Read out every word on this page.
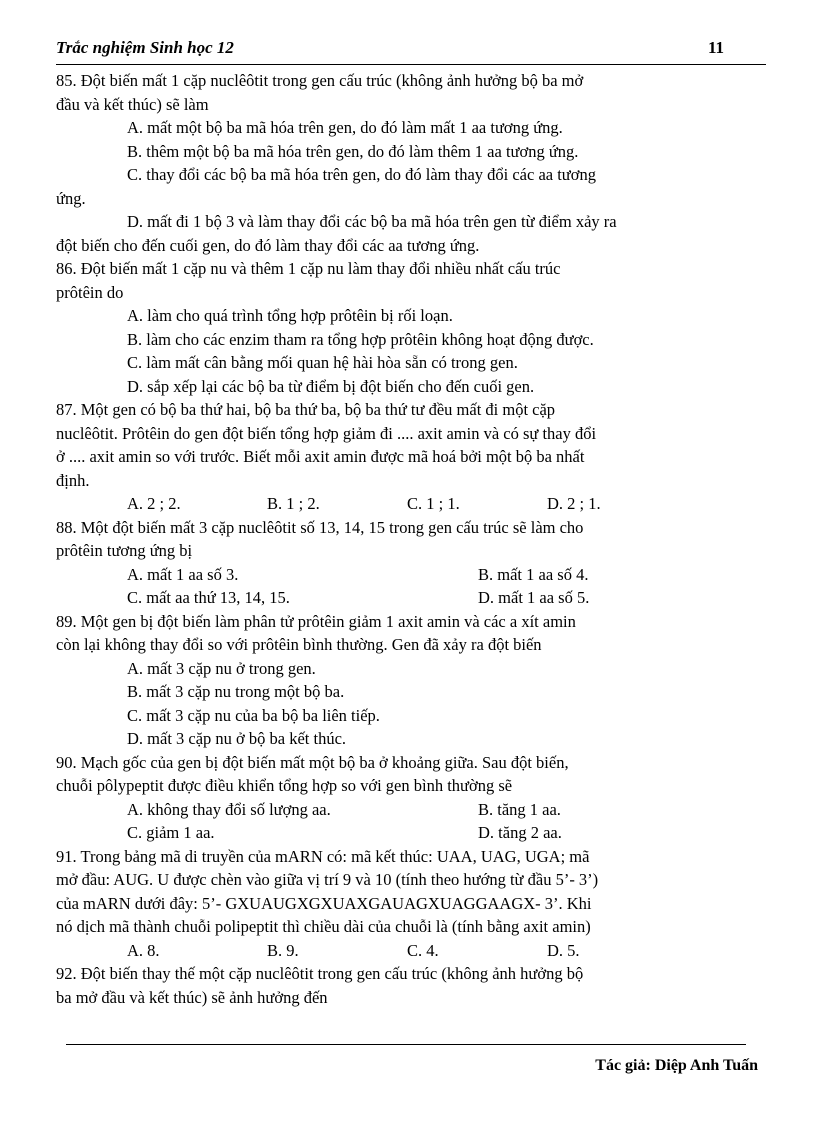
Trắc nghiệm Sinh học 12	11
85. Đột biến mất 1 cặp nuclêôtit trong gen cấu trúc (không ảnh hưởng bộ ba mở
đầu và kết thúc) sẽ làm
A. mất một bộ ba mã hóa trên gen, do đó làm mất 1 aa tương ứng.
B. thêm một bộ ba mã hóa trên gen, do đó làm thêm 1 aa tương ứng.
C. thay đổi các bộ ba mã hóa trên gen, do đó làm thay đổi các aa tương
ứng.
D. mất đi 1 bộ 3 và làm thay đổi các bộ ba mã hóa trên gen từ điểm xảy ra
đột biến cho đến cuối gen, do đó làm thay đổi các aa tương ứng.
86. Đột biến mất 1 cặp nu và thêm 1 cặp nu làm thay đổi nhiều nhất cấu trúc
prôtêin do
A. làm cho quá trình tổng hợp prôtêin bị rối loạn.
B. làm cho các enzim tham ra tổng hợp prôtêin không hoạt động được.
C. làm mất cân bằng mối quan hệ hài hòa sẵn có trong gen.
D. sắp xếp lại các bộ ba từ điểm bị đột biến cho đến cuối gen.
87. Một gen có bộ ba thứ hai, bộ ba thứ ba, bộ ba thứ tư đều mất đi một cặp
nuclêôtit. Prôtêin do gen đột biến tổng hợp giảm đi .... axit amin và có sự thay đổi
ở .... axit amin so với trước. Biết mỗi axit amin được mã hoá bởi một bộ ba nhất
định.
A. 2 ; 2.	B. 1 ; 2.	C. 1 ; 1.	D. 2 ; 1.
88. Một đột biến mất 3 cặp nuclêôtit số 13, 14, 15 trong gen cấu trúc sẽ làm cho
prôtêin tương ứng bị
A. mất 1 aa số 3.	B. mất 1 aa số 4.
C. mất aa thứ 13, 14, 15.	D. mất 1 aa số 5.
89. Một gen bị đột biến làm phân tử prôtêin giảm 1 axit amin và các a xít amin
còn lại không thay đổi so với prôtêin bình thường. Gen đã xảy ra đột biến
A. mất 3 cặp nu ở trong gen.
B. mất 3 cặp nu trong một bộ ba.
C. mất 3 cặp nu của ba bộ ba liên tiếp.
D. mất 3 cặp nu ở bộ ba kết thúc.
90. Mạch gốc của gen bị đột biến mất một bộ ba ở khoảng giữa. Sau đột biến,
chuỗi pôlypeptit được điều khiển tổng hợp so với gen bình thường sẽ
A. không thay đổi số lượng aa.	B. tăng 1 aa.
C. giảm 1 aa.	D. tăng 2 aa.
91. Trong bảng mã di truyền của mARN có: mã kết thúc: UAA, UAG, UGA; mã
mở đầu: AUG. U được chèn vào giữa vị trí 9 và 10 (tính theo hướng từ đầu 5’- 3’)
của mARN dưới đây: 5’- GXUAUGXGXUAXGAUAGXUAGGAAGX- 3’. Khi
nó dịch mã thành chuỗi polipeptit thì chiều dài của chuỗi là (tính bằng axit amin)
A. 8.	B. 9.	C. 4.	D. 5.
92. Đột biến thay thế một cặp nuclêôtit trong gen cấu trúc (không ảnh hưởng bộ
ba mở đầu và kết thúc) sẽ ảnh hưởng đến
Tác giả: Diệp Anh Tuấn
